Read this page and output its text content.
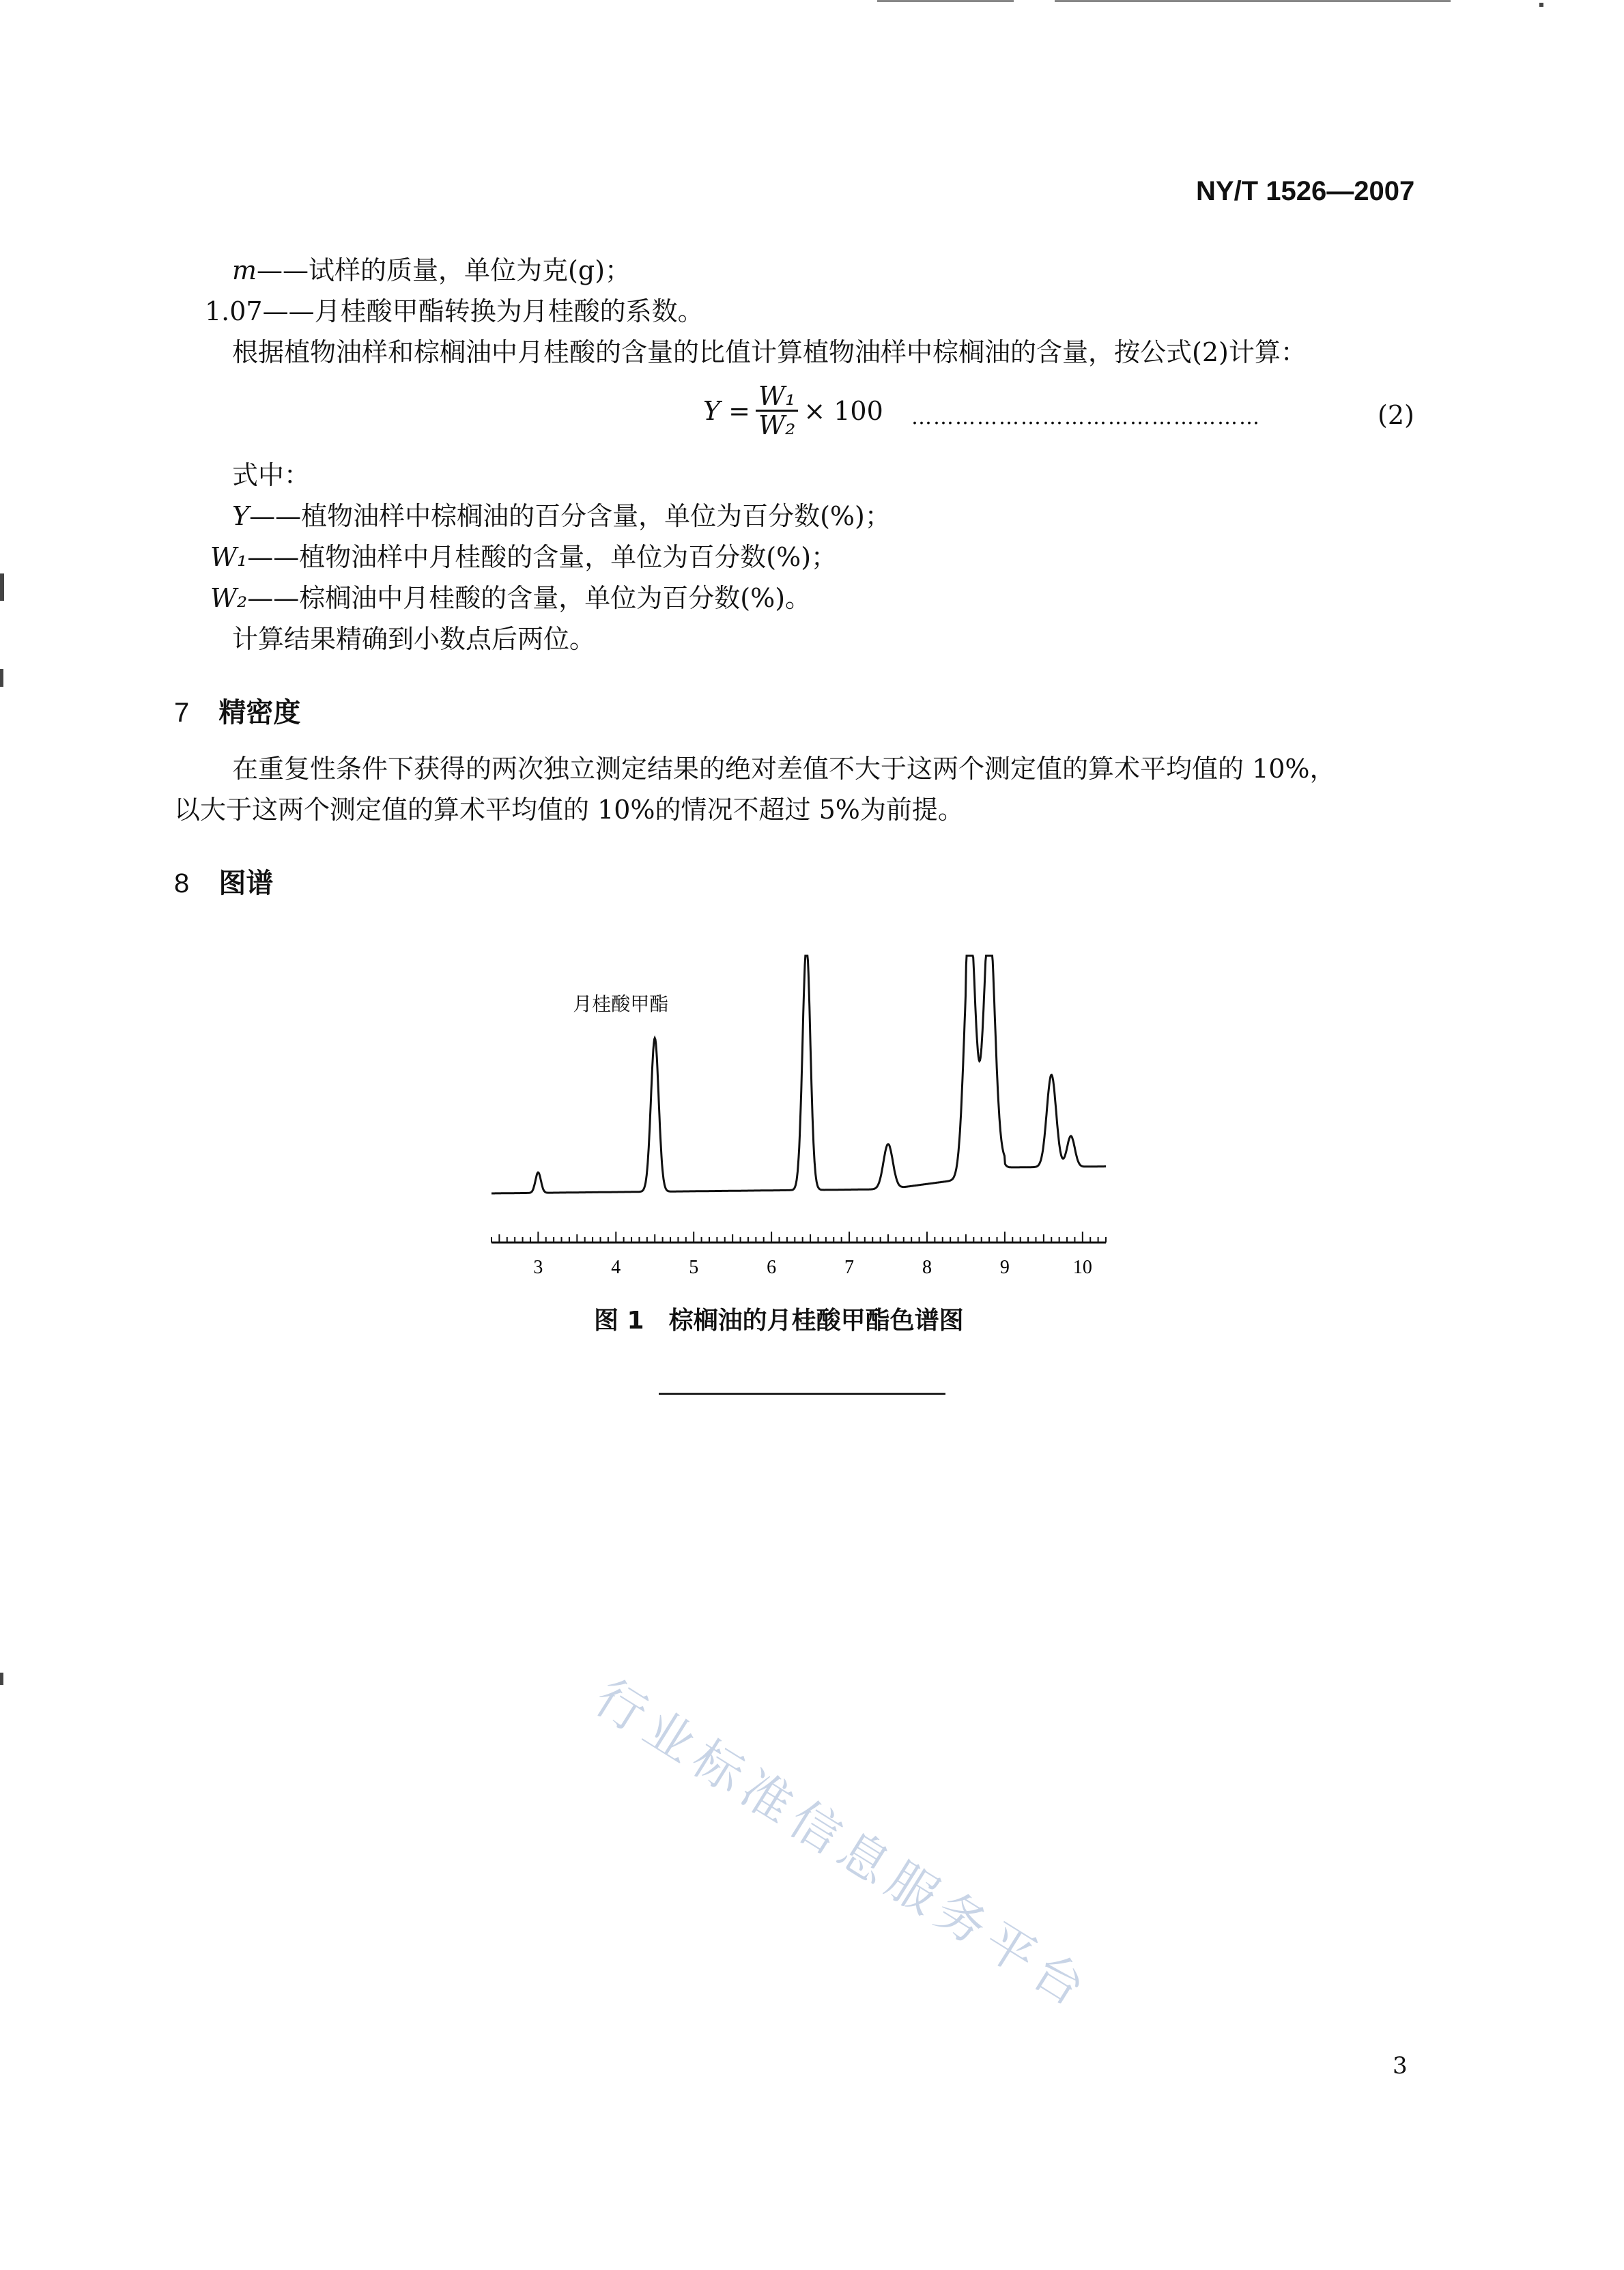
NY/T 1526—2007
m——试样的质量，单位为克(g)；
1.07——月桂酸甲酯转换为月桂酸的系数。
根据植物油样和棕榈油中月桂酸的含量的比值计算植物油样中棕榈油的含量，按公式(2)计算：
$Y = \frac{\text{W₁}}{\text{W₂}} \times 100$ …………………………………………	(2)
式中：
Y——植物油样中棕榈油的百分含量，单位为百分数(%)；
W₁——植物油样中月桂酸的含量，单位为百分数(%)；
W₂——棕榈油中月桂酸的含量，单位为百分数(%)。
计算结果精确到小数点后两位。
7 精密度
在重复性条件下获得的两次独立测定结果的绝对差值不大于这两个测定值的算术平均值的 10%，
以大于这两个测定值的算术平均值的 10%的情况不超过 5%为前提。
8 图谱
3	4	5	6	7	8	9	10
月桂酸甲酯
图 1　棕榈油的月桂酸甲酯色谱图
行业标准信息服务平台
3
